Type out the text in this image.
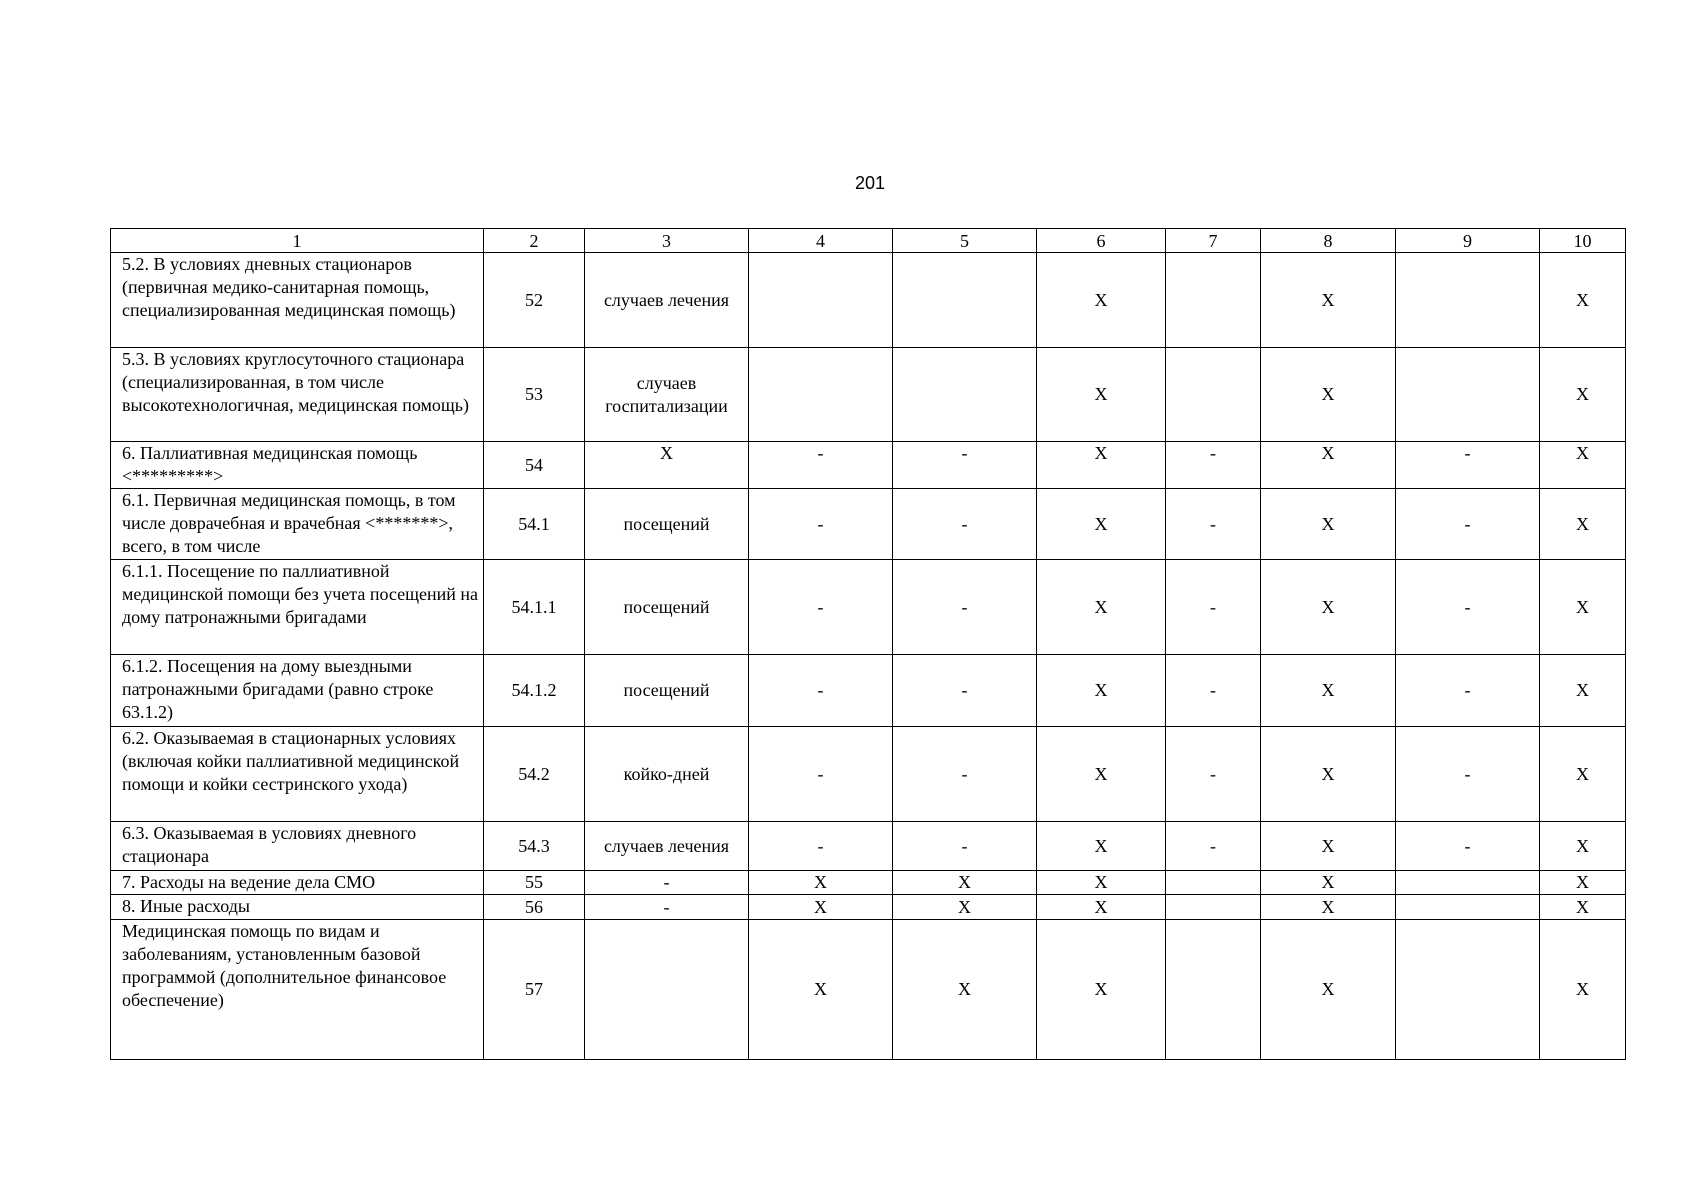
201
1	2	3	4	5	6	7	8	9	10
5.2. В условиях дневных стационаров (первичная медико-санитарная помощь, специализированная медицинская помощь)	52	случаев лечения			X		X		X
5.3. В условиях круглосуточного стационара (специализированная, в том числе высокотехнологичная, медицинская помощь)	53	случаев госпитализации			X		X		X
6. Паллиативная медицинская помощь <*********>	54	X	-	-	X	-	X	-	X
6.1. Первичная медицинская помощь, в том числе доврачебная и врачебная <*******>, всего, в том числе	54.1	посещений	-	-	X	-	X	-	X
6.1.1. Посещение по паллиативной медицинской помощи без учета посещений на дому патронажными бригадами	54.1.1	посещений	-	-	X	-	X	-	X
6.1.2. Посещения на дому выездными патронажными бригадами (равно строке 63.1.2)	54.1.2	посещений	-	-	X	-	X	-	X
6.2. Оказываемая в стационарных условиях (включая койки паллиативной медицинской помощи и койки сестринского ухода)	54.2	койко-дней	-	-	X	-	X	-	X
6.3. Оказываемая в условиях дневного стационара	54.3	случаев лечения	-	-	X	-	X	-	X
7. Расходы на ведение дела СМО	55	-	X	X	X		X		X
8. Иные расходы	56	-	X	X	X		X		X
Медицинская помощь по видам и заболеваниям, установленным базовой программой (дополнительное финансовое обеспечение)	57		X	X	X		X		X
